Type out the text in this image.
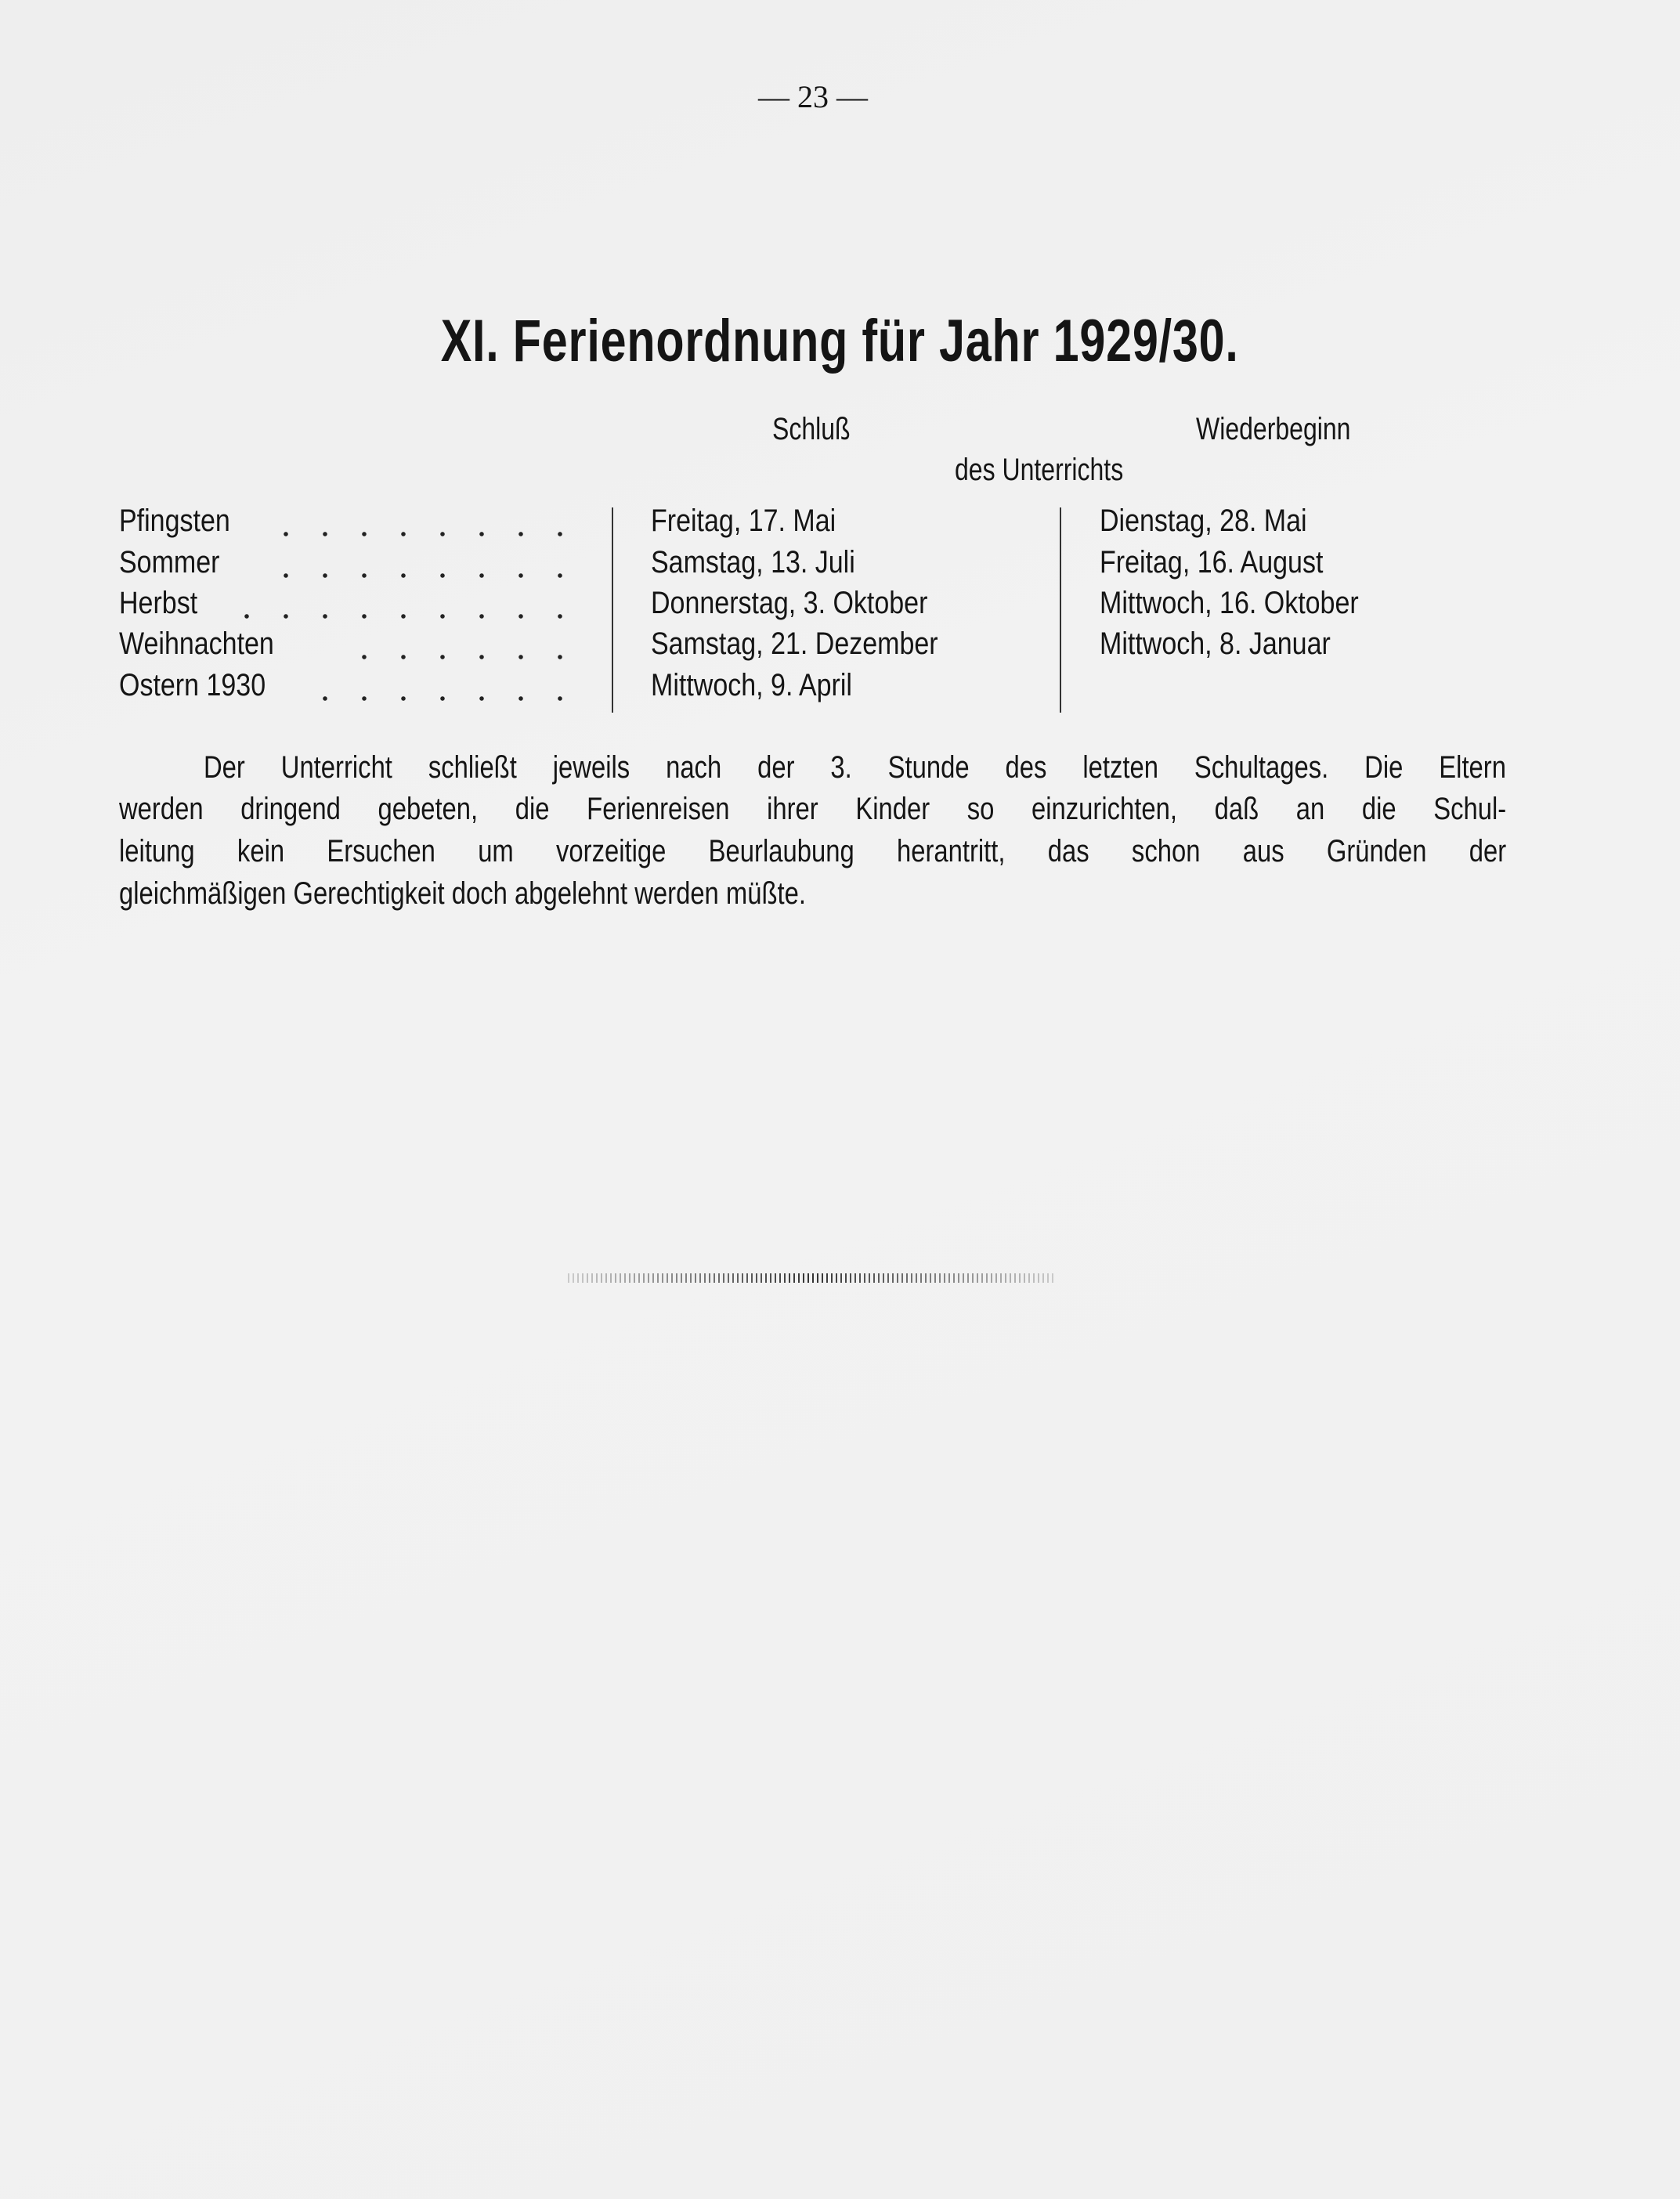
— 23 —
XI. Ferienordnung für Jahr 1929/30.
Schluß	Wiederbeginn
des Unterrichts
Pfingsten	Freitag, 17. Mai	Dienstag, 28. Mai
Sommer	Samstag, 13. Juli	Freitag, 16. August
Herbst	Donnerstag, 3. Oktober	Mittwoch, 16. Oktober
Weihnachten	Samstag, 21. Dezember	Mittwoch, 8. Januar
Ostern 1930	Mittwoch, 9. April
Der Unterricht schließt jeweils nach der 3. Stunde des letzten Schultages. Die Eltern
werden dringend gebeten, die Ferienreisen ihrer Kinder so einzurichten, daß an die Schul-
leitung kein Ersuchen um vorzeitige Beurlaubung herantritt, das schon aus Gründen der
gleichmäßigen Gerechtigkeit doch abgelehnt werden müßte.
